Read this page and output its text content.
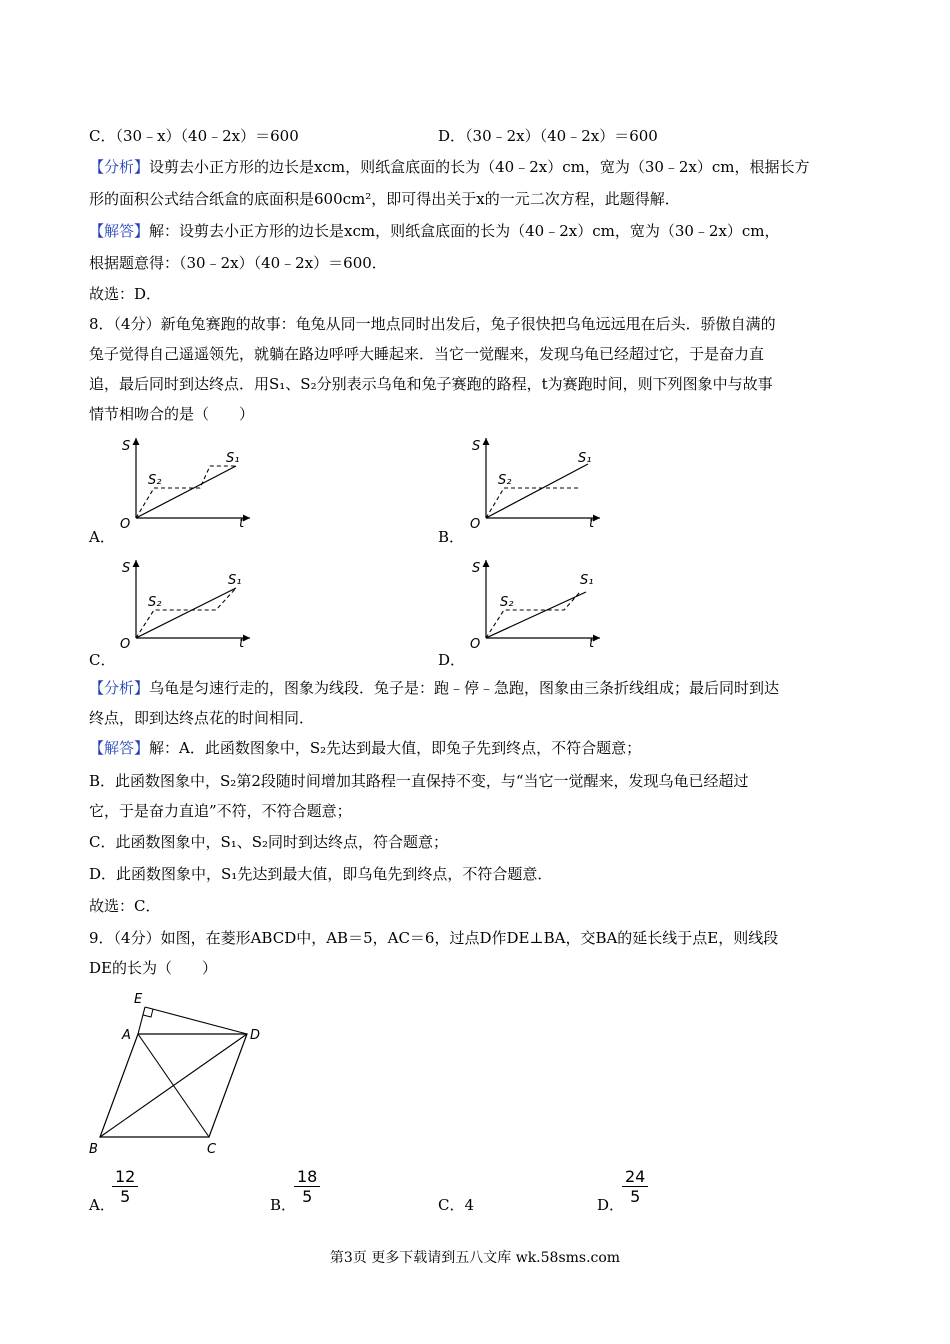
C．（30﹣x）（40﹣2x）＝600	D．（30﹣2x）（40﹣2x）＝600
【分析】设剪去小正方形的边长是xcm，则纸盒底面的长为（40﹣2x）cm，宽为（30﹣2x）cm，根据长方
形的面积公式结合纸盒的底面积是600cm²，即可得出关于x的一元二次方程，此题得解．
【解答】解：设剪去小正方形的边长是xcm，则纸盒底面的长为（40﹣2x）cm，宽为（30﹣2x）cm，
根据题意得：（30﹣2x）（40﹣2x）＝600．
故选：D．
8．（4分）新龟兔赛跑的故事：龟兔从同一地点同时出发后，兔子很快把乌龟远远甩在后头．骄傲自满的
兔子觉得自己遥遥领先，就躺在路边呼呼大睡起来．当它一觉醒来，发现乌龟已经超过它，于是奋力直
追，最后同时到达终点．用S₁、S₂分别表示乌龟和兔子赛跑的路程，t为赛跑时间，则下列图象中与故事
情节相吻合的是（　　）
S
t
O
S₁
S₂
A．
S
t
O
S₁
S₂
B．
S
t
O
S₁
S₂
C．
S
t
O
S₁
S₂
D．
【分析】乌龟是匀速行走的，图象为线段．兔子是：跑﹣停﹣急跑，图象由三条折线组成；最后同时到达
终点，即到达终点花的时间相同．
【解答】解：A．此函数图象中，S₂先达到最大值，即兔子先到终点，不符合题意；
B．此函数图象中，S₂第2段随时间增加其路程一直保持不变，与“当它一觉醒来，发现乌龟已经超过
它，于是奋力直追”不符，不符合题意；
C．此函数图象中，S₁、S₂同时到达终点，符合题意；
D．此函数图象中，S₁先达到最大值，即乌龟先到终点，不符合题意．
故选：C．
9．（4分）如图，在菱形ABCD中，AB＝5，AC＝6，过点D作DE⊥BA，交BA的延长线于点E，则线段
DE的长为（　　）
E
A	D
B	C
A．
$\frac{12}{5}$	B．
$\frac{18}{5}$	C．4	D．
$\frac{24}{5}$
第3页 更多下载请到五八文库 wk.58sms.com
